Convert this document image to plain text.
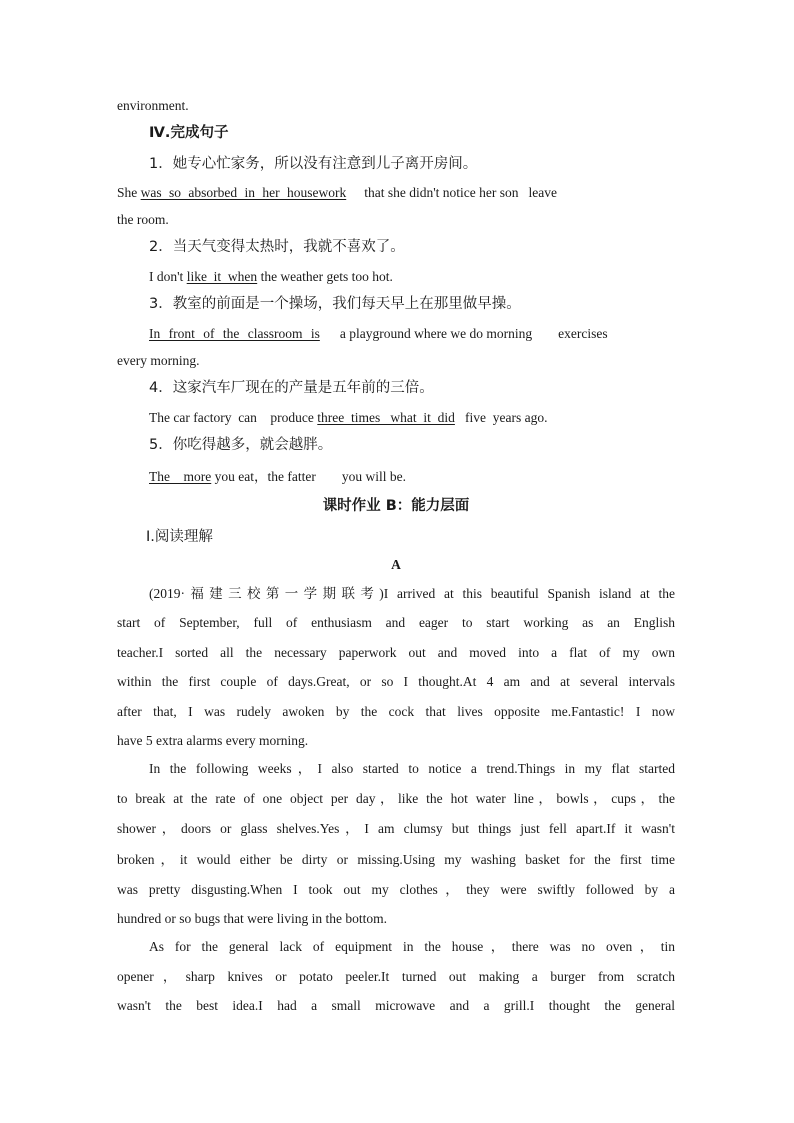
environment.
Ⅳ.完成句子
1．她专心忙家务，所以没有注意到儿子离开房间。
She was so absorbed in her housework that she didn't notice her son leave
the room.
2．当天气变得太热时，我就不喜欢了。
I don't like  it  when the weather gets too hot.
3．教室的前面是一个操场，我们每天早上在那里做早操。
In front of the classroom is a playground where we do morning exercises
every morning.
4．这家汽车厂现在的产量是五年前的三倍。
The car factory  can    produce three  times   what  it  did   five  years ago.
5．你吃得越多，就会越胖。
The more you eat，the fatter you will be.
课时作业 B：能力层面
Ⅰ.阅读理解
A
(2019·福建三校第一学期联考)I arrived at this beautiful Spanish island at the
start of September, full of enthusiasm and eager to start working as an English
teacher.I sorted all the necessary paperwork out and moved into a flat of my own
within the first couple of days.Great, or so I thought.At 4 am and at several intervals
after that, I was rudely awoken by the cock that lives opposite me.Fantastic! I now
have 5 extra alarms every morning.
In the following weeks，I also started to notice a trend.Things in my flat started
to break at the rate of one object per day，like the hot water line，bowls，cups，the
shower，doors or glass shelves.Yes，I am clumsy but things just fell apart.If it wasn't
broken，it would either be dirty or missing.Using my washing basket for the first time
was pretty disgusting.When I took out my clothes，they were swiftly followed by a
hundred or so bugs that were living in the bottom.
As for the general lack of equipment in the house，there was no oven，tin
opener，sharp knives or potato peeler.It turned out making a burger from scratch
wasn't the best idea.I had a small microwave and a grill.I thought the general
